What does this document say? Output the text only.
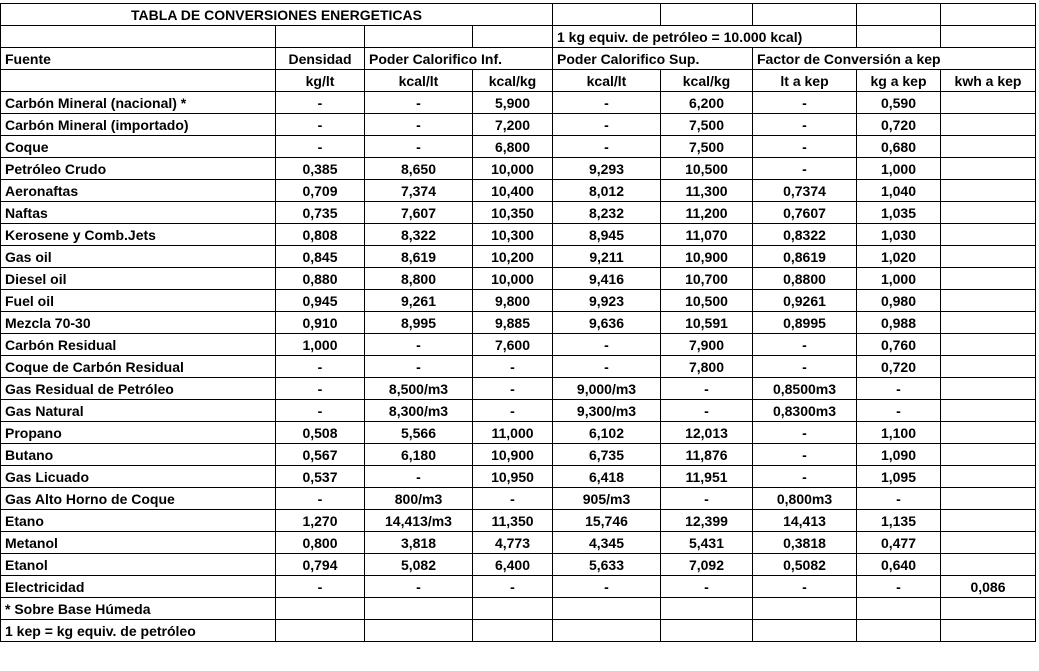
TABLA DE CONVERSIONES ENERGETICAS								
				1 kg equiv. de petróleo = 10.000 kcal)				
Fuente	Densidad	Poder Calorifico Inf.		Poder Calorifico Sup.		Factor de Conversión a kep		
	kg/lt	kcal/lt	kcal/kg	kcal/lt	kcal/kg	lt a kep	kg a kep	kwh a kep
Carbón Mineral (nacional) *	-	-	5,900	-	6,200	-	0,590	
Carbón Mineral (importado)	-	-	7,200	-	7,500	-	0,720	
Coque	-	-	6,800	-	7,500	-	0,680	
Petróleo Crudo	0,385	8,650	10,000	9,293	10,500	-	1,000	
Aeronaftas	0,709	7,374	10,400	8,012	11,300	0,7374	1,040	
Naftas	0,735	7,607	10,350	8,232	11,200	0,7607	1,035	
Kerosene y Comb.Jets	0,808	8,322	10,300	8,945	11,070	0,8322	1,030	
Gas oil	0,845	8,619	10,200	9,211	10,900	0,8619	1,020	
Diesel oil	0,880	8,800	10,000	9,416	10,700	0,8800	1,000	
Fuel oil	0,945	9,261	9,800	9,923	10,500	0,9261	0,980	
Mezcla 70-30	0,910	8,995	9,885	9,636	10,591	0,8995	0,988	
Carbón Residual	1,000	-	7,600	-	7,900	-	0,760	
Coque de Carbón Residual	-	-	-	-	7,800	-	0,720	
Gas Residual de Petróleo	-	8,500/m3	-	9,000/m3	-	0,8500m3	-	
Gas Natural	-	8,300/m3	-	9,300/m3	-	0,8300m3	-	
Propano	0,508	5,566	11,000	6,102	12,013	-	1,100	
Butano	0,567	6,180	10,900	6,735	11,876	-	1,090	
Gas Licuado	0,537	-	10,950	6,418	11,951	-	1,095	
Gas Alto Horno de Coque	-	800/m3	-	905/m3	-	0,800m3	-	
Etano	1,270	14,413/m3	11,350	15,746	12,399	14,413	1,135	
Metanol	0,800	3,818	4,773	4,345	5,431	0,3818	0,477	
Etanol	0,794	5,082	6,400	5,633	7,092	0,5082	0,640	
Electricidad	-	-	-	-	-	-	-	0,086
* Sobre Base Húmeda								
1 kep = kg equiv. de petróleo								
